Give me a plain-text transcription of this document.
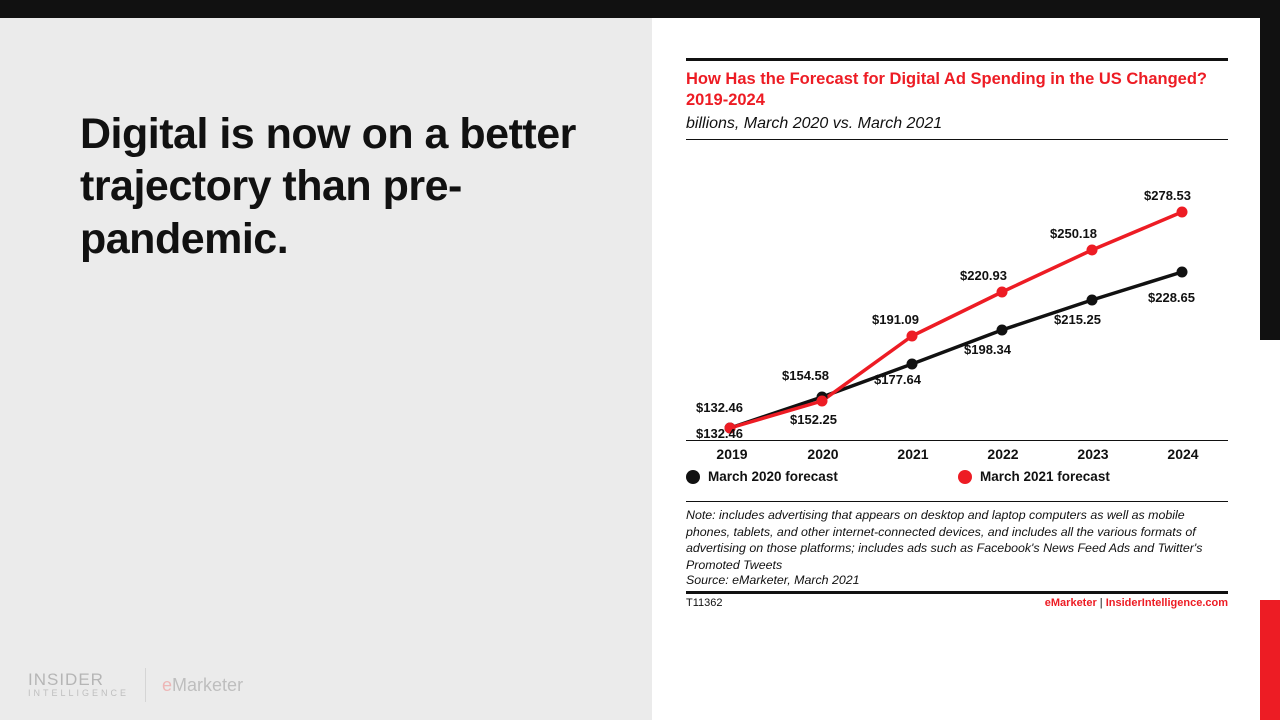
Digital is now on a better trajectory than pre-pandemic.
INSIDER
INTELLIGENCE eMarketer
How Has the Forecast for Digital Ad Spending in the US Changed? 2019-2024
billions, March 2020 vs. March 2021
$132.46
$154.58	$177.64
$198.34
$215.25
$228.65
$132.46
$152.25
$191.09
$220.93
$250.18
$278.53
2019	2020	2021	2022	2023	2024
March 2020 forecast	March 2021 forecast
Note: includes advertising that appears on desktop and laptop computers as well as mobile phones, tablets, and other internet-connected devices, and includes all the various formats of advertising on those platforms; includes ads such as Facebook's News Feed Ads and Twitter's Promoted Tweets
Source: eMarketer, March 2021
T11362	eMarketer | InsiderIntelligence.com
